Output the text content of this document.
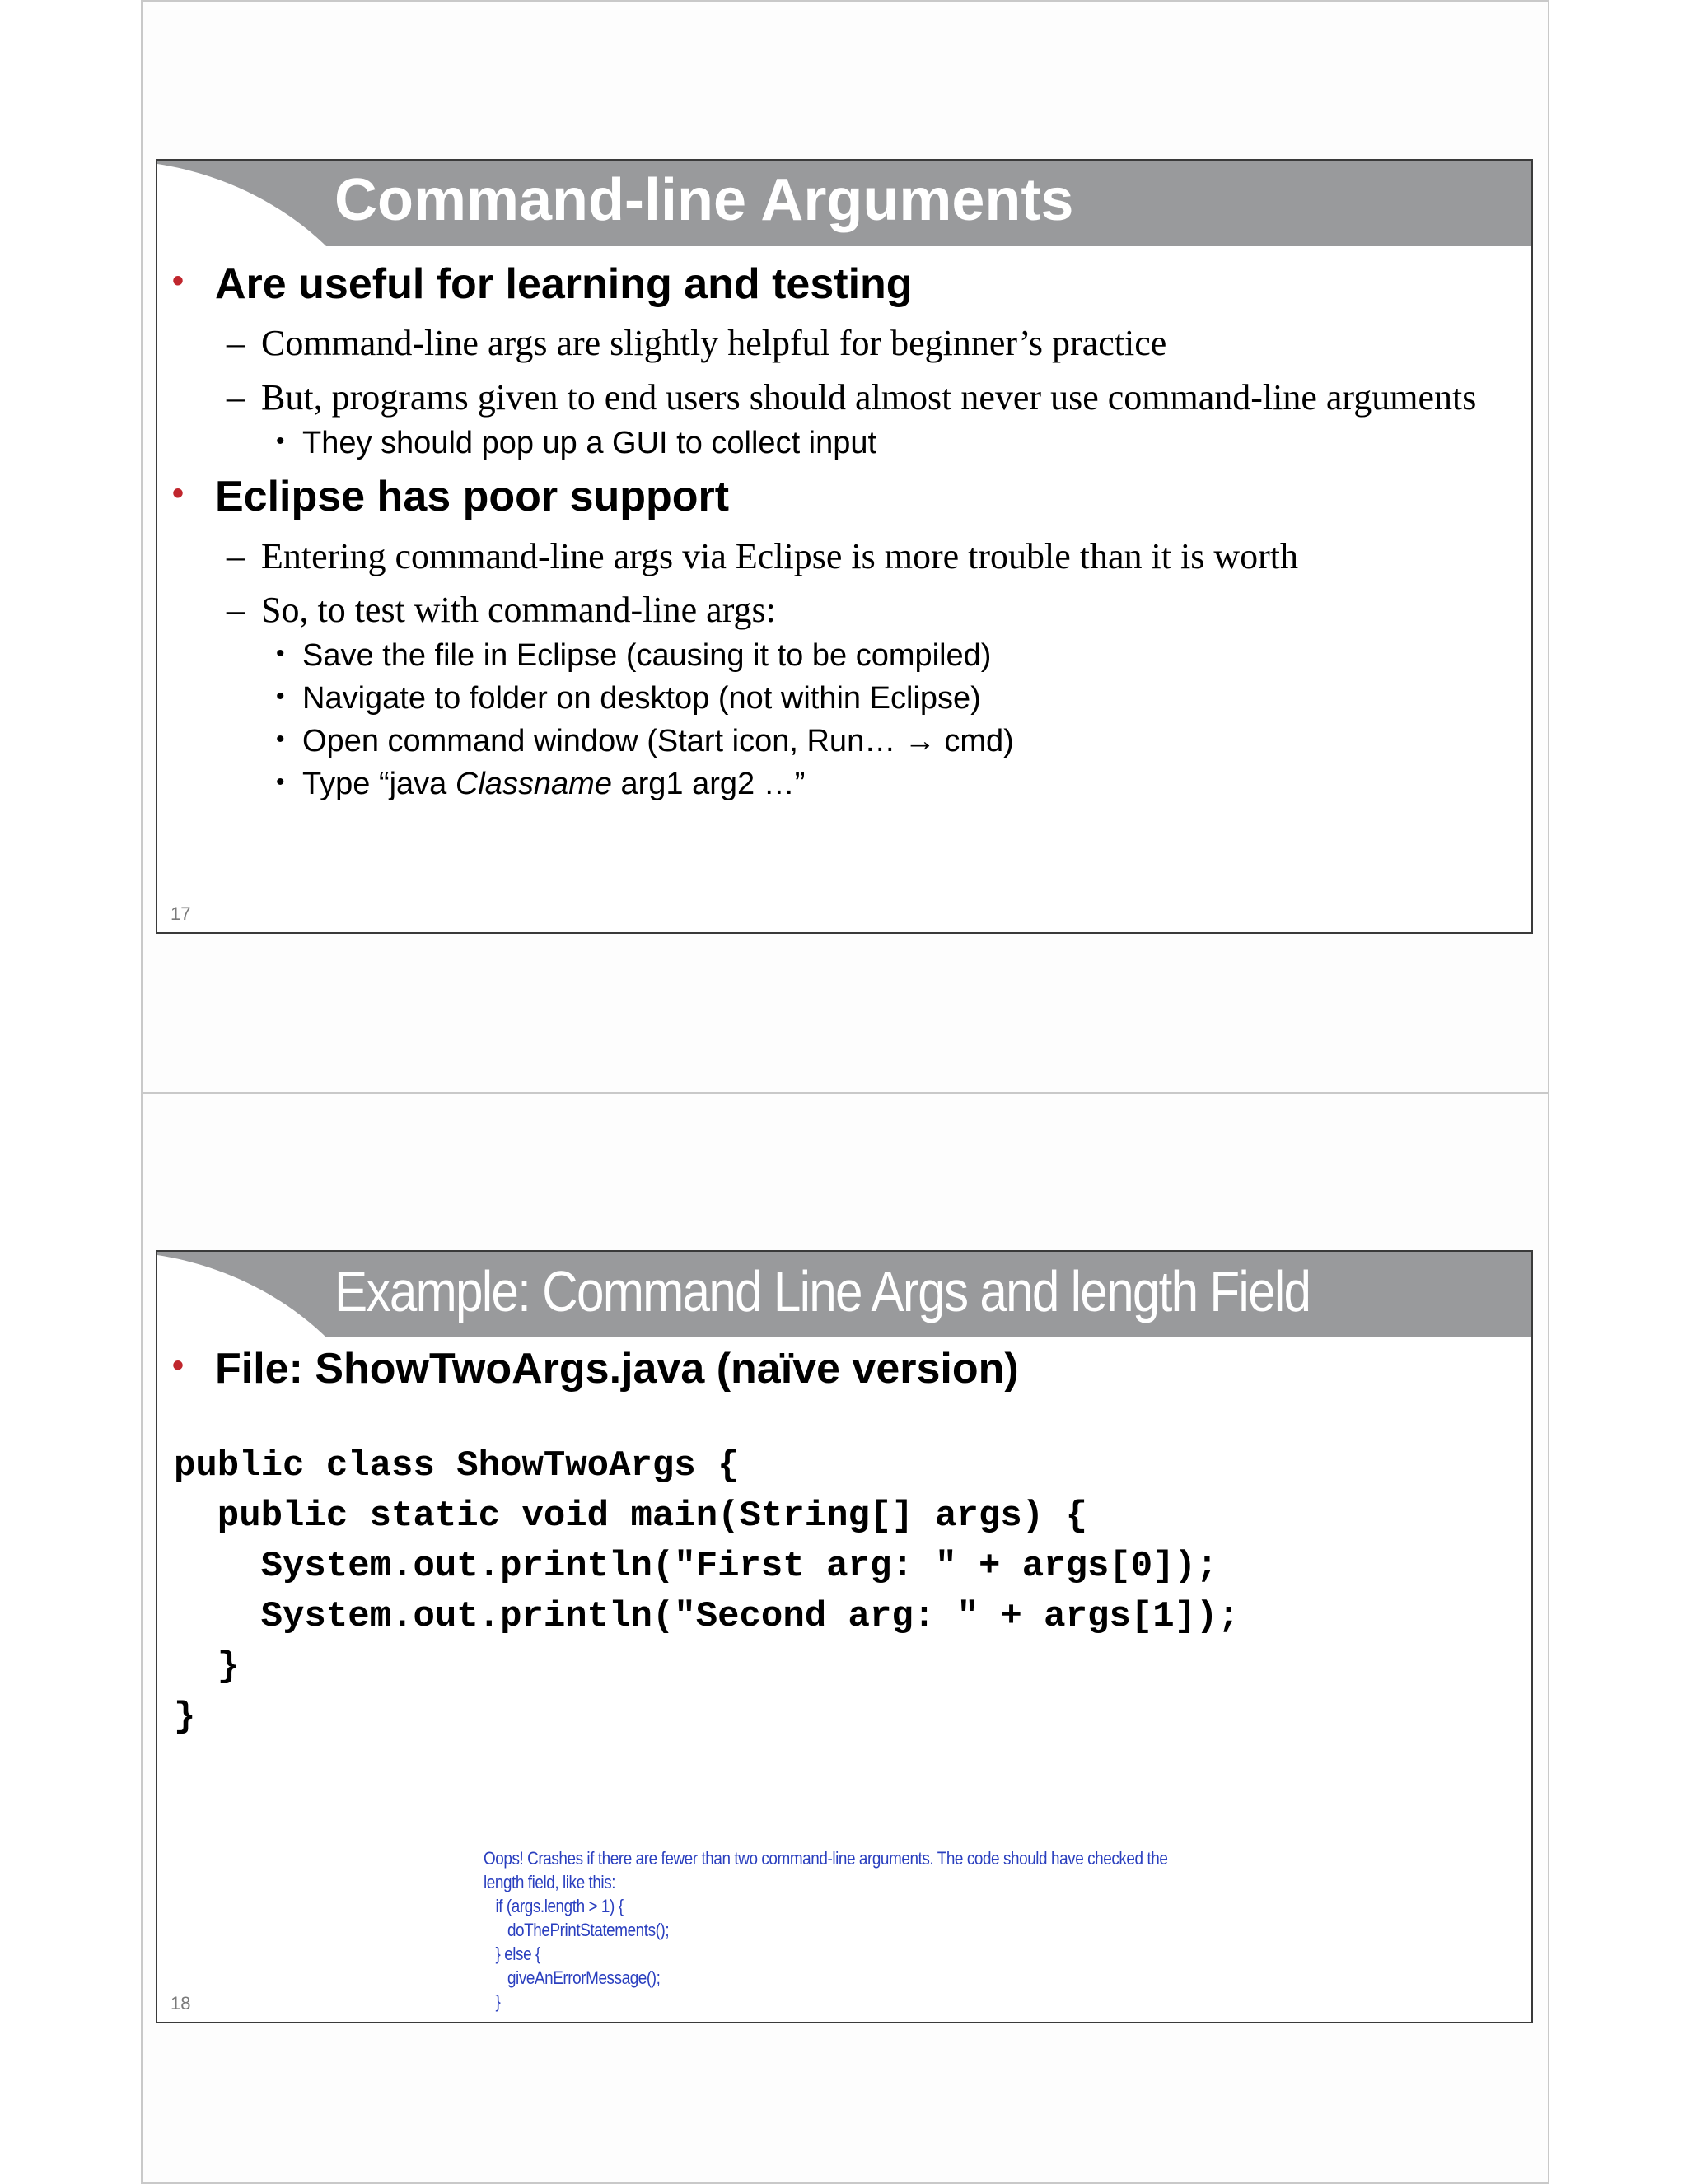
Command-line Arguments
• Are useful for learning and testing
– Command-line args are slightly helpful for beginner’s practice
– But, programs given to end users should almost never use command-line arguments
• They should pop up a GUI to collect input
• Eclipse has poor support
– Entering command-line args via Eclipse is more trouble than it is worth
– So, to test with command-line args:
• Save the file in Eclipse (causing it to be compiled)
• Navigate to folder on desktop (not within Eclipse)
• Open command window (Start icon, Run… → cmd)
• Type “java Classname arg1 arg2 …”
17
Example: Command Line Args and length Field
• File: ShowTwoArgs.java (naïve version)
public class ShowTwoArgs {
public static void main(String[] args) {
System.out.println("First arg: " + args[0]);
System.out.println("Second arg: " + args[1]);
}
}
Oops! Crashes if there are fewer than two command-line arguments. The code should have checked the
length field, like this:
if (args.length > 1) {
doThePrintStatements();
} else {
giveAnErrorMessage();
}
18
